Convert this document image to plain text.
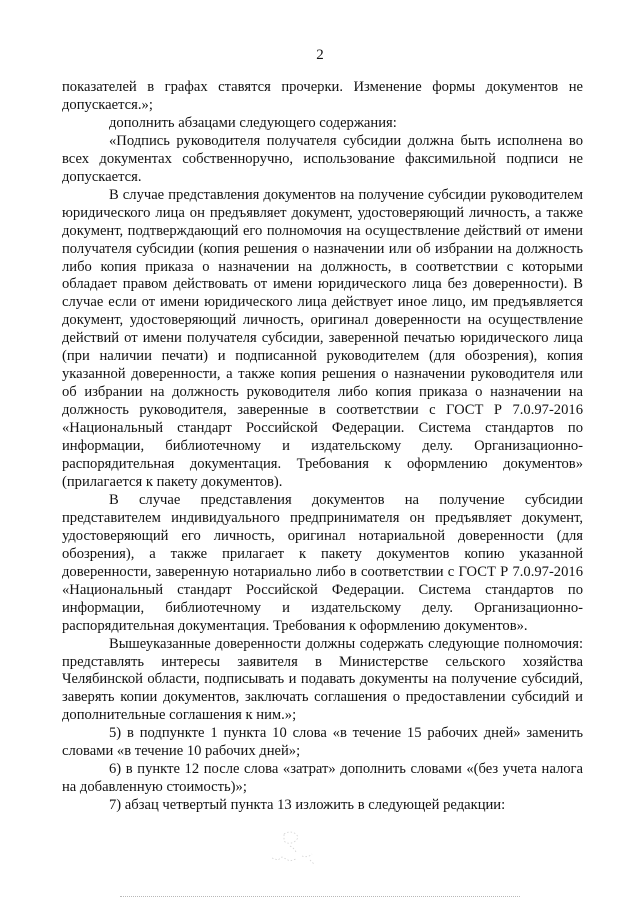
2

показателей в графах ставятся прочерки. Изменение формы документов не допускается.»;

дополнить абзацами следующего содержания:

«Подпись руководителя получателя субсидии должна быть исполнена во всех документах собственноручно, использование факсимильной подписи не допускается.

В случае представления документов на получение субсидии руководителем юридического лица он предъявляет документ, удостоверяющий личность, а также документ, подтверждающий его полномочия на осуществление действий от имени получателя субсидии (копия решения о назначении или об избрании на должность либо копия приказа о назначении на должность, в соответствии с которыми обладает правом действовать от имени юридического лица без доверенности). В случае если от имени юридического лица действует иное лицо, им предъявляется документ, удостоверяющий личность, оригинал доверенности на осуществление действий от имени получателя субсидии, заверенной печатью юридического лица (при наличии печати) и подписанной руководителем (для обозрения), копия указанной доверенности, а также копия решения о назначении руководителя или об избрании на должность руководителя либо копия приказа о назначении на должность руководителя, заверенные в соответствии с ГОСТ Р 7.0.97-2016 «Национальный стандарт Российской Федерации. Система стандартов по информации, библиотечному и издательскому делу. Организационно-распорядительная документация. Требования к оформлению документов» (прилагается к пакету документов).

В случае представления документов на получение субсидии представителем индивидуального предпринимателя он предъявляет документ, удостоверяющий его личность, оригинал нотариальной доверенности (для обозрения), а также прилагает к пакету документов копию указанной доверенности, заверенную нотариально либо в соответствии с ГОСТ Р 7.0.97-2016 «Национальный стандарт Российской Федерации. Система стандартов по информации, библиотечному и издательскому делу. Организационно-распорядительная документация. Требования к оформлению документов».

Вышеуказанные доверенности должны содержать следующие полномочия: представлять интересы заявителя в Министерстве сельского хозяйства Челябинской области, подписывать и подавать документы на получение субсидий, заверять копии документов, заключать соглашения о предоставлении субсидий и дополнительные соглашения к ним.»;

5) в подпункте 1 пункта 10 слова «в течение 15 рабочих дней» заменить словами «в течение 10 рабочих дней»;

6) в пункте 12 после слова «затрат» дополнить словами «(без учета налога на добавленную стоимость)»;

7) абзац четвертый пункта 13 изложить в следующей редакции:
